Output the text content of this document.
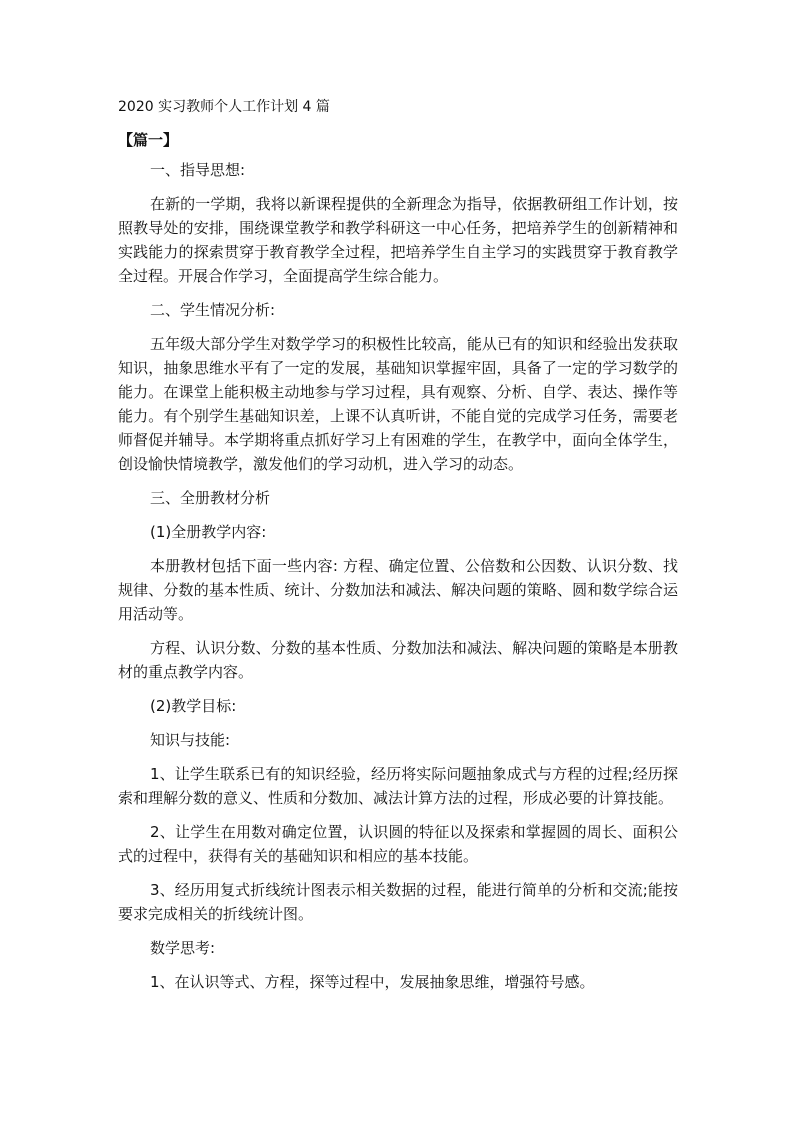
2020 实习教师个人工作计划 4 篇
【篇一】

一、指导思想:

在新的一学期，我将以新课程提供的全新理念为指导，依据教研组工作计划，按照教导处的安排，围绕课堂教学和教学科研这一中心任务，把培养学生的创新精神和实践能力的探索贯穿于教育教学全过程，把培养学生自主学习的实践贯穿于教育教学全过程。开展合作学习，全面提高学生综合能力。

二、学生情况分析:

五年级大部分学生对数学学习的积极性比较高，能从已有的知识和经验出发获取知识，抽象思维水平有了一定的发展，基础知识掌握牢固，具备了一定的学习数学的能力。在课堂上能积极主动地参与学习过程，具有观察、分析、自学、表达、操作等能力。有个别学生基础知识差，上课不认真听讲，不能自觉的完成学习任务，需要老师督促并辅导。本学期将重点抓好学习上有困难的学生，在教学中，面向全体学生，创设愉快情境教学，激发他们的学习动机，进入学习的动态。

三、全册教材分析

(1)全册教学内容:

本册教材包括下面一些内容: 方程、确定位置、公倍数和公因数、认识分数、找规律、分数的基本性质、统计、分数加法和减法、解决问题的策略、圆和数学综合运用活动等。

方程、认识分数、分数的基本性质、分数加法和减法、解决问题的策略是本册教材的重点教学内容。

(2)教学目标:

知识与技能:

1、让学生联系已有的知识经验，经历将实际问题抽象成式与方程的过程;经历探索和理解分数的意义、性质和分数加、减法计算方法的过程，形成必要的计算技能。

2、让学生在用数对确定位置，认识圆的特征以及探索和掌握圆的周长、面积公式的过程中，获得有关的基础知识和相应的基本技能。

3、经历用复式折线统计图表示相关数据的过程，能进行简单的分析和交流;能按要求完成相关的折线统计图。

数学思考:

1、在认识等式、方程，探等过程中，发展抽象思维，增强符号感。
